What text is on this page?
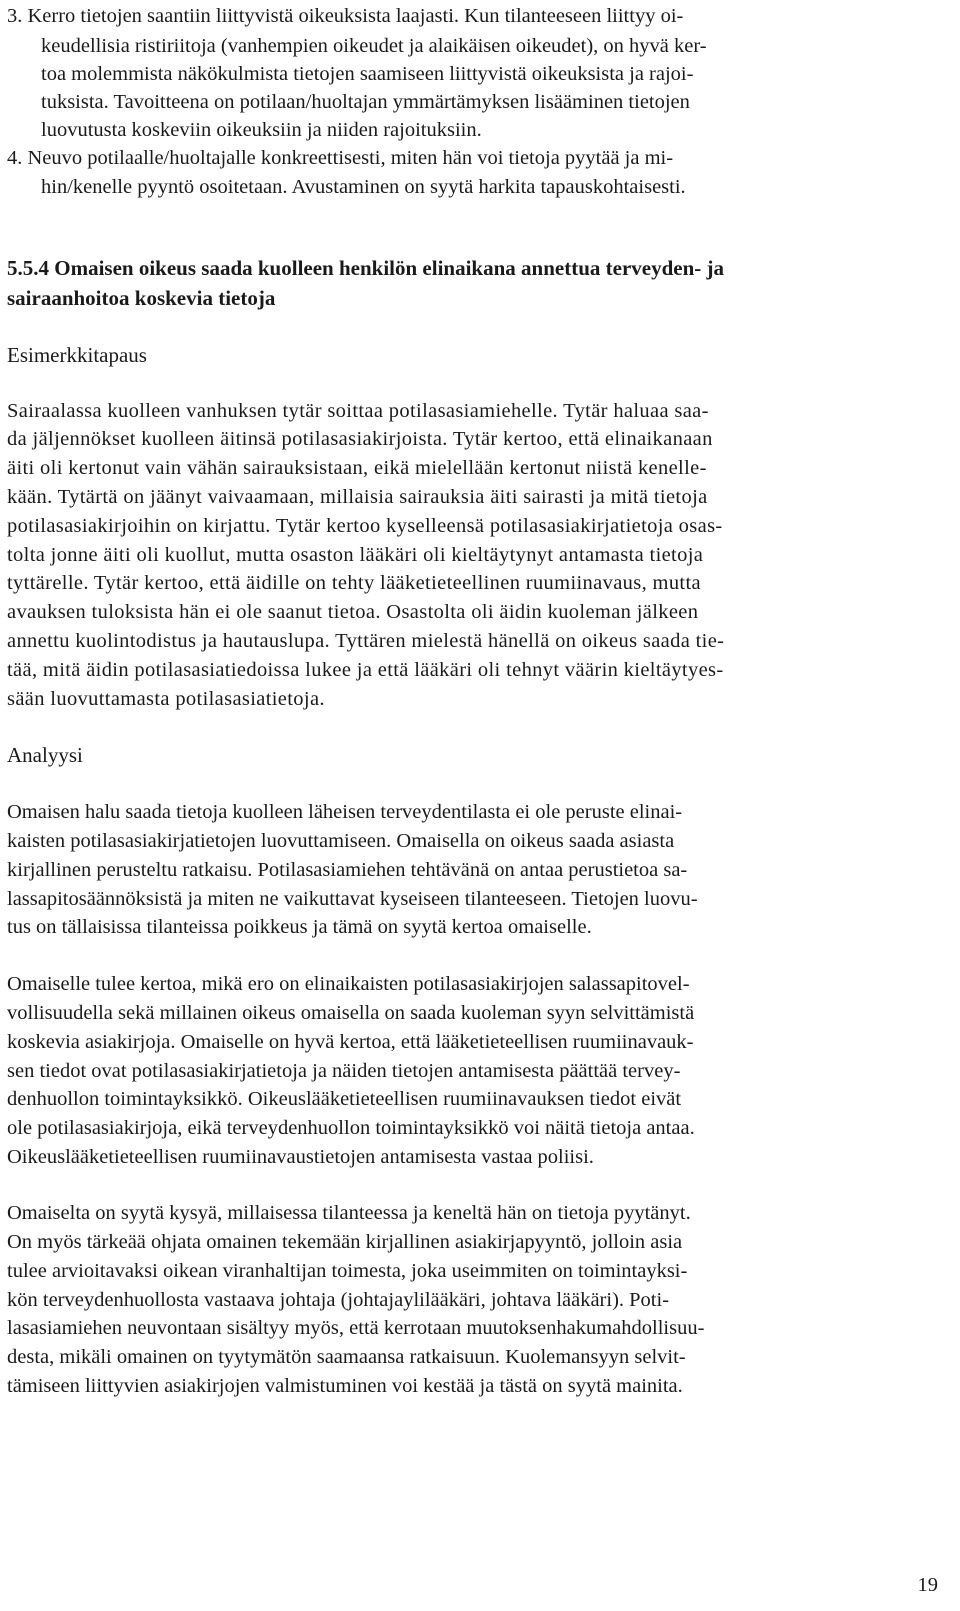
3. Kerro tietojen saantiin liittyvistä oikeuksista laajasti. Kun tilanteeseen liittyy oi-
keudellisia ristiriitoja (vanhempien oikeudet ja alaikäisen oikeudet), on hyvä ker-
toa molemmista näkökulmista tietojen saamiseen liittyvistä oikeuksista ja rajoi-
tuksista. Tavoitteena on potilaan/huoltajan ymmärtämyksen lisääminen tietojen
luovutusta koskeviin oikeuksiin ja niiden rajoituksiin.
4. Neuvo potilaalle/huoltajalle konkreettisesti, miten hän voi tietoja pyytää ja mi-
hin/kenelle pyyntö osoitetaan. Avustaminen on syytä harkita tapauskohtaisesti.
5.5.4 Omaisen oikeus saada kuolleen henkilön elinaikana annettua terveyden- ja
sairaanhoitoa koskevia tietoja
Esimerkkitapaus
Sairaalassa kuolleen vanhuksen tytär soittaa potilasasiamiehelle. Tytär haluaa saa-
da jäljennökset kuolleen äitinsä potilasasiakirjoista. Tytär kertoo, että elinaikanaan
äiti oli kertonut vain vähän sairauksistaan, eikä mielellään kertonut niistä kenelle-
kään. Tytärtä on jäänyt vaivaamaan, millaisia sairauksia äiti sairasti ja mitä tietoja
potilasasiakirjoihin on kirjattu. Tytär kertoo kyselleensä potilasasiakirjatietoja osas-
tolta jonne äiti oli kuollut, mutta osaston lääkäri oli kieltäytynyt antamasta tietoja
tyttärelle. Tytär kertoo, että äidille on tehty lääketieteellinen ruumiinavaus, mutta
avauksen tuloksista hän ei ole saanut tietoa. Osastolta oli äidin kuoleman jälkeen
annettu kuolintodistus ja hautauslupa. Tyttären mielestä hänellä on oikeus saada tie-
tää, mitä äidin potilasasiatiedoissa lukee ja että lääkäri oli tehnyt väärin kieltäytyes-
sään luovuttamasta potilasasiatietoja.
Analyysi
Omaisen halu saada tietoja kuolleen läheisen terveydentilasta ei ole peruste elinai-
kaisten potilasasiakirjatietojen luovuttamiseen. Omaisella on oikeus saada asiasta
kirjallinen perusteltu ratkaisu. Potilasasiamiehen tehtävänä on antaa perustietoa sa-
lassapitosäännöksistä ja miten ne vaikuttavat kyseiseen tilanteeseen. Tietojen luovu-
tus on tällaisissa tilanteissa poikkeus ja tämä on syytä kertoa omaiselle.
Omaiselle tulee kertoa, mikä ero on elinaikaisten potilasasiakirjojen salassapitovel-
vollisuudella sekä millainen oikeus omaisella on saada kuoleman syyn selvittämistä
koskevia asiakirjoja. Omaiselle on hyvä kertoa, että lääketieteellisen ruumiinavauk-
sen tiedot ovat potilasasiakirjatietoja ja näiden tietojen antamisesta päättää tervey-
denhuollon toimintayksikkö. Oikeuslääketieteellisen ruumiinavauksen tiedot eivät
ole potilasasiakirjoja, eikä terveydenhuollon toimintayksikkö voi näitä tietoja antaa.
Oikeuslääketieteellisen ruumiinavaustietojen antamisesta vastaa poliisi.
Omaiselta on syytä kysyä, millaisessa tilanteessa ja keneltä hän on tietoja pyytänyt.
On myös tärkeää ohjata omainen tekemään kirjallinen asiakirjapyyntö, jolloin asia
tulee arvioitavaksi oikean viranhaltijan toimesta, joka useimmiten on toimintayksi-
kön terveydenhuollosta vastaava johtaja (johtajaylilääkäri, johtava lääkäri). Poti-
lasasiamiehen neuvontaan sisältyy myös, että kerrotaan muutoksenhakumahdollisuu-
desta, mikäli omainen on tyytymätön saamaansa ratkaisuun. Kuolemansyyn selvit-
tämiseen liittyvien asiakirjojen valmistuminen voi kestää ja tästä on syytä mainita.
19
